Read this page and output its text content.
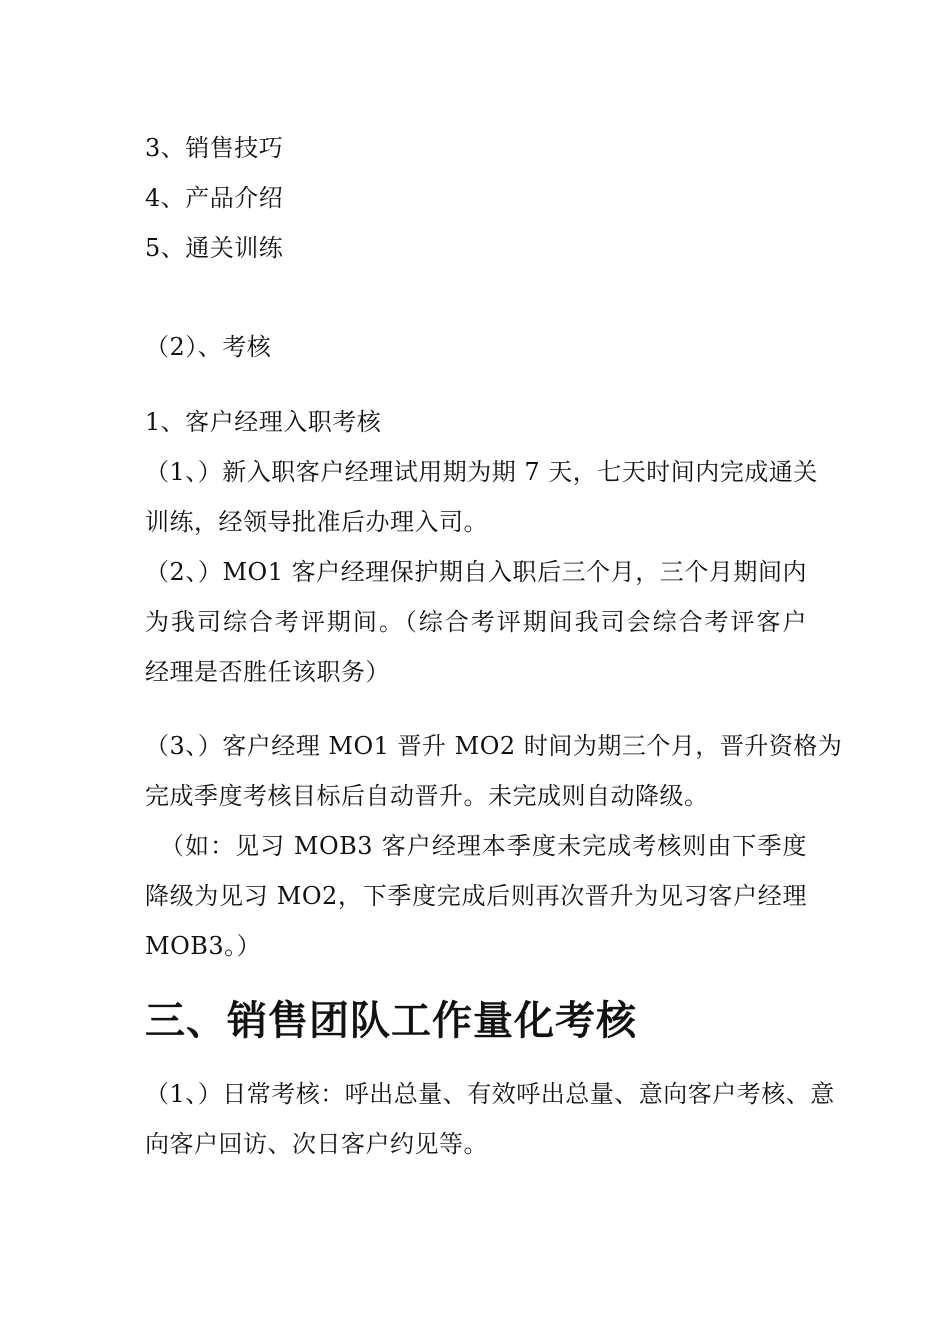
3、销售技巧
4、产品介绍
5、通关训练
（2）、考核
1、客户经理入职考核
（1、）新入职客户经理试用期为期 7 天，七天时间内完成通关
训练，经领导批准后办理入司。
（2、）MO1 客户经理保护期自入职后三个月，三个月期间内
为我司综合考评期间。（综合考评期间我司会综合考评客户
经理是否胜任该职务）
（3、）客户经理 MO1 晋升 MO2 时间为期三个月，晋升资格为
完成季度考核目标后自动晋升。未完成则自动降级。
（如：见习 MOB3 客户经理本季度未完成考核则由下季度
降级为见习 MO2，下季度完成后则再次晋升为见习客户经理
MOB3。）
三、销售团队工作量化考核
（1、）日常考核：呼出总量、有效呼出总量、意向客户考核、意
向客户回访、次日客户约见等。
